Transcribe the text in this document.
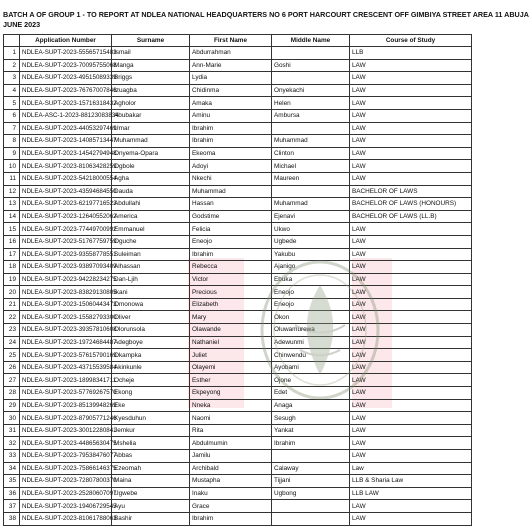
BATCH A OF GROUP 1 - TO REPORT AT NDLEA NATIONAL HEADQUARTERS NO 6 PORT HARCOURT CRESCENT OFF GIMBIYA STREET AREA 11 ABUJA
JUNE 2023
	Application Number	Surname	First Name	Middle Name	Course of Study
1	NDLEA-SUPT-2023-55565715483	Ismail	Abdurrahman		LLB
2	NDLEA-SUPT-2023-70095755068	Manga	Ann-Marie	Goshi	LAW
3	NDLEA-SUPT-2023-49515089339	Briggs	Lydia		LAW
4	NDLEA-SUPT-2023-76767007846	Izuagba	Chidinma	Onyekachi	LAW
5	NDLEA-SUPT-2023-15716318432	Agholor	Amaka	Helen	LAW
6	NDLEA-ASC-1-2023-88123083834	Abubakar	Aminu	Ambursa	LAW
7	NDLEA-SUPT-2023-44053297469	Umar	Ibrahim		LAW
8	NDLEA-SUPT-2023-14085713447	Muhammad	Ibrahim	Muhammad	LAW
9	NDLEA-SUPT-2023-14542794948	Onyema-Opara	Ekeoma	Clinton	LAW
10	NDLEA-SUPT-2023-81063428259	Ogbole	Adoyi	Michael	LAW
11	NDLEA-SUPT-2023-54218000554	Agha	Nkechi	Maureen	LAW
12	NDLEA-SUPT-2023-43594684550	Dauda	Muhammad		BACHELOR OF LAWS
13	NDLEA-SUPT-2023-62197716523	Abdullahi	Hassan	Muhammad	BACHELOR OF LAWS (HONOURS)
14	NDLEA-SUPT-2023-12640552062	America	Godstime	Ejenavi	BACHELOR OF LAWS (LL.B)
15	NDLEA-SUPT-2023-77449700992	Emmanuel	Felicia	Ukwo	LAW
16	NDLEA-SUPT-2023-51767759759	Oguche	Eneojo	Ugbede	LAW
17	NDLEA-SUPT-2023-93558778551	Suleiman	Ibrahim	Yakubu	LAW
18	NDLEA-SUPT-2023-93897093409	Alhassan	Rebecca	Ajanigo	LAW
19	NDLEA-SUPT-2023-94228234275	Dan-Ljih	Victor	Ebuka	LAW
20	NDLEA-SUPT-2023-83829130805	Ikani	Precious	Eneojo	LAW
21	NDLEA-SUPT-2023-15060443473	Omonowa	Elizabeth	Eneojo	LAW
22	NDLEA-SUPT-2023-15582793300	Oliver	Mary	Okon	LAW
23	NDLEA-SUPT-2023-39357810608	Olorunsola	Olawande	Oluwamurewa	LAW
24	NDLEA-SUPT-2023-19724684487	Adegboye	Nathaniel	Adewunmi	LAW
25	NDLEA-SUPT-2023-57615790169	Okampka	Juliet	Chinwendu	LAW
26	NDLEA-SUPT-2023-43715539584	Akinkunle	Olayemi	Ayobami	LAW
27	NDLEA-SUPT-2023-18998341711	Ocheje	Esther	Ojone	LAW
28	NDLEA-SUPT-2023-57769267570	Ekong	Ekpeyong	Edet	LAW
29	NDLEA-SUPT-2023-85139948269	Eke	Nneka	Anaga	LAW
30	NDLEA-SUPT-2023-87905771246	Kyesduhun	Naomi	Sesugh	LAW
31	NDLEA-SUPT-2023-30012280841	Jemkur	Rita	Yankat	LAW
32	NDLEA-SUPT-2023-44865630475	Mshelia	Abdulmumin	Ibrahim	LAW
33	NDLEA-SUPT-2023-79538476077	Abbas	Jamilu		LAW
34	NDLEA-SUPT-2023-75866146375	Ezeomah	Archibald	Calaway	Law
35	NDLEA-SUPT-2023-72807800370	Maina	Mustapha	Tijjani	LLB & Sharia Law
36	NDLEA-SUPT-2023-25280607097	Ugwebe	Inaku	Ugbong	LLB LAW
37	NDLEA-SUPT-2023-19406729545	Ayu	Grace		LAW
38	NDLEA-SUPT-2023-81061788063	Bashir	Ibrahim		LAW
